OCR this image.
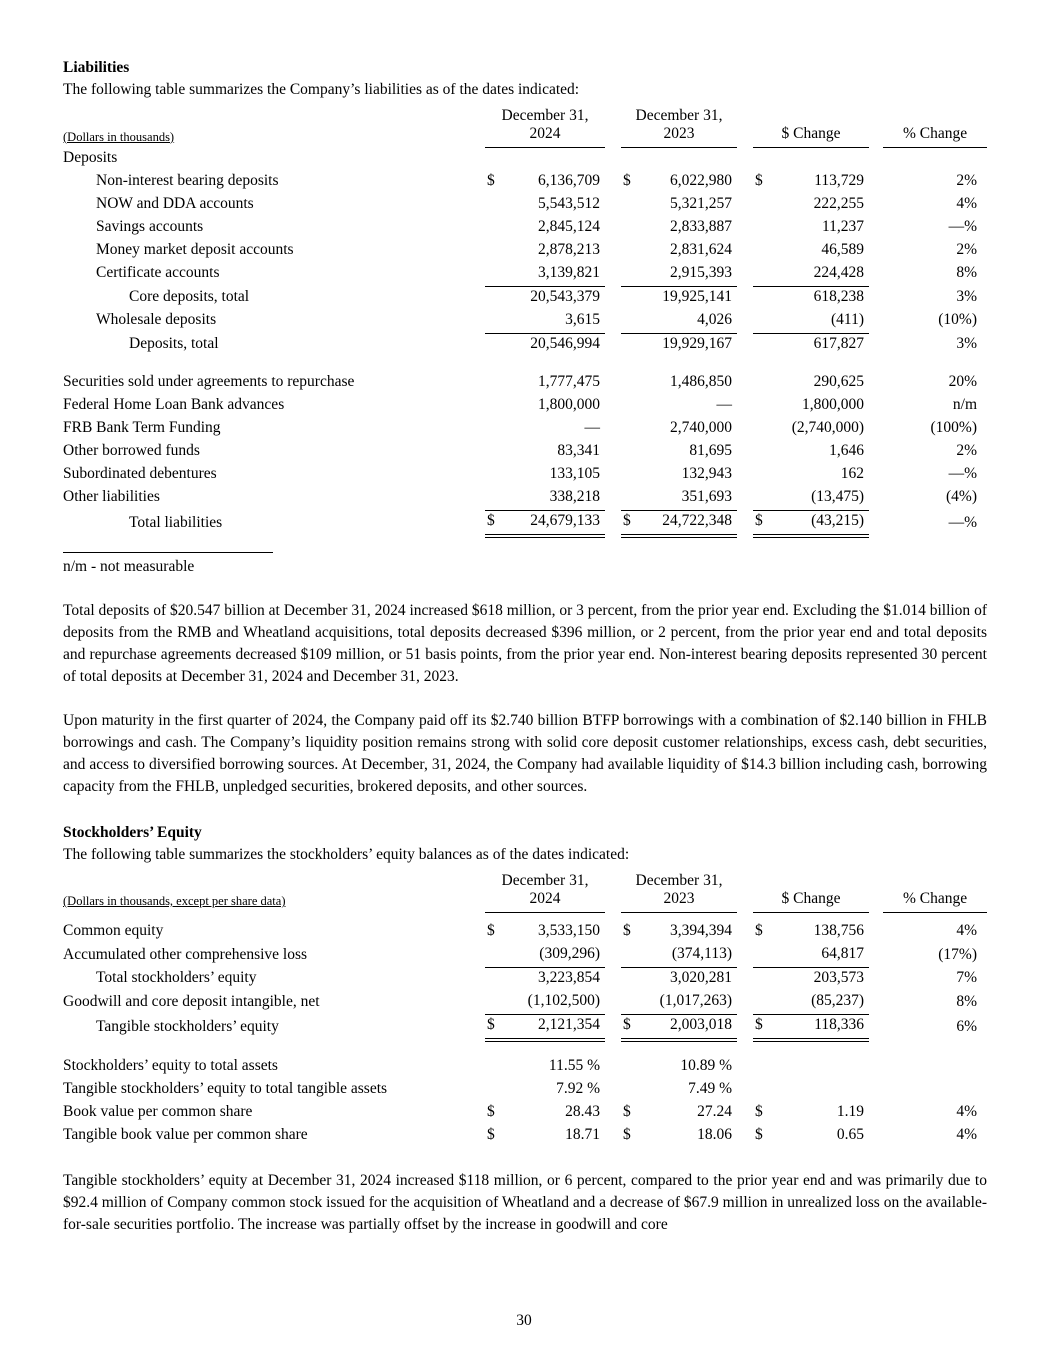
Liabilities

The following table summarizes the Company’s liabilities as of the dates indicated:

(Dollars in thousands)	December 31,
2024			December 31,
2023			$ Change			% Change
Deposits										
Non-interest bearing deposits	$	6,136,709		$	6,022,980		$	113,729		2%
NOW and DDA accounts		5,543,512			5,321,257			222,255		4%
Savings accounts		2,845,124			2,833,887			11,237		—%
Money market deposit accounts		2,878,213			2,831,624			46,589		2%
Certificate accounts		3,139,821			2,915,393			224,428		8%
Core deposits, total		20,543,379			19,925,141			618,238		3%
Wholesale deposits		3,615			4,026			(411)		(10%)
Deposits, total		20,546,994			19,929,167			617,827		3%

Securities sold under agreements to repurchase		1,777,475			1,486,850			290,625		20%
Federal Home Loan Bank advances		1,800,000			—			1,800,000		n/m
FRB Bank Term Funding		—			2,740,000			(2,740,000)		(100%)
Other borrowed funds		83,341			81,695			1,646		2%
Subordinated debentures		133,105			132,943			162		—%
Other liabilities		338,218			351,693			(13,475)		(4%)
Total liabilities	$	24,679,133		$	24,722,348		$	(43,215)		—%

n/m - not measurable

Total deposits of $20.547 billion at December 31, 2024 increased $618 million, or 3 percent, from the prior year end. Excluding the $1.014 billion of deposits from the RMB and Wheatland acquisitions, total deposits decreased $396 million, or 2 percent, from the prior year end and total deposits and repurchase agreements decreased $109 million, or 51 basis points, from the prior year end. Non-interest bearing deposits represented 30 percent of total deposits at December 31, 2024 and December 31, 2023.

Upon maturity in the first quarter of 2024, the Company paid off its $2.740 billion BTFP borrowings with a combination of $2.140 billion in FHLB borrowings and cash. The Company’s liquidity position remains strong with solid core deposit customer relationships, excess cash, debt securities, and access to diversified borrowing sources. At December, 31, 2024, the Company had available liquidity of $14.3 billion including cash, borrowing capacity from the FHLB, unpledged securities, brokered deposits, and other sources.

Stockholders’ Equity

The following table summarizes the stockholders’ equity balances as of the dates indicated:

(Dollars in thousands, except per share data)	December 31,
2024			December 31,
2023			$ Change			% Change

Common equity	$	3,533,150		$	3,394,394		$	138,756		4%
Accumulated other comprehensive loss		(309,296)			(374,113)			64,817		(17%)
Total stockholders’ equity		3,223,854			3,020,281			203,573		7%
Goodwill and core deposit intangible, net		(1,102,500)			(1,017,263)			(85,237)		8%
Tangible stockholders’ equity	$	2,121,354		$	2,003,018		$	118,336		6%

Stockholders’ equity to total assets		11.55 %			10.89 %					
Tangible stockholders’ equity to total tangible assets		7.92 %			7.49 %					
Book value per common share	$	28.43		$	27.24		$	1.19		4%
Tangible book value per common share	$	18.71		$	18.06		$	0.65		4%

Tangible stockholders’ equity at December 31, 2024 increased $118 million, or 6 percent, compared to the prior year end and was primarily due to $92.4 million of Company common stock issued for the acquisition of Wheatland and a decrease of $67.9 million in unrealized loss on the available-for-sale securities portfolio. The increase was partially offset by the increase in goodwill and core

30
